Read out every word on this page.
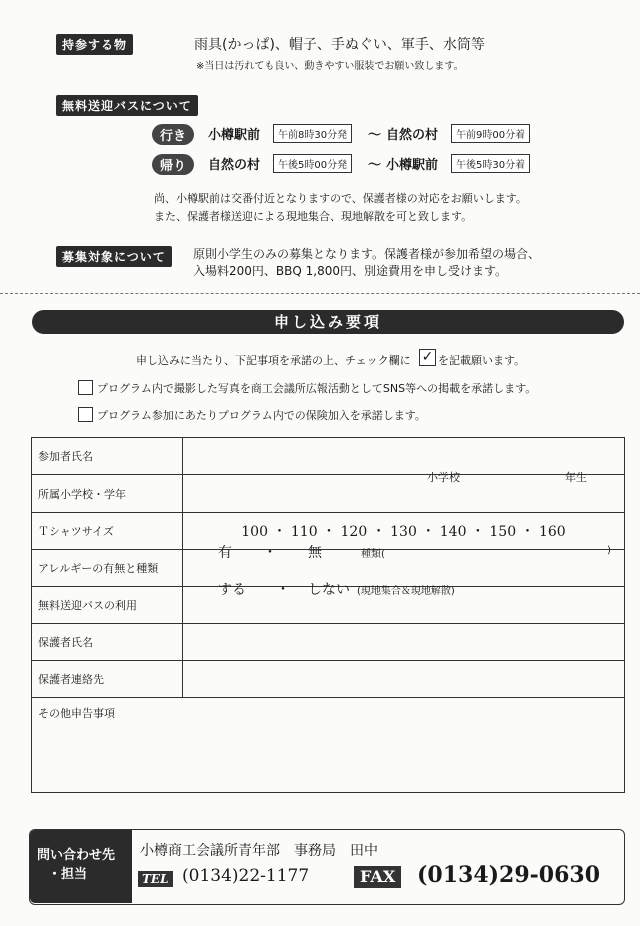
持参する物	雨具(かっぱ)、帽子、手ぬぐい、軍手、水筒等
※当日は汚れても良い、動きやすい服装でお願い致します。
無料送迎バスについて
行き	小樽駅前	午前8時30分発	〜 自然の村	午前9時00分着
帰り	自然の村	午後5時00分発	〜 小樽駅前	午後5時30分着
尚、小樽駅前は交番付近となりますので、保護者様の対応をお願いします。
また、保護者様送迎による現地集合、現地解散を可と致します。
募集対象について	原則小学生のみの募集となります。保護者様が参加希望の場合、
入場料200円、BBQ 1,800円、別途費用を申し受けます。
申し込み要項
申し込みに当たり、下記事項を承諾の上、チェック欄に ✓ を記載願います。
プログラム内で撮影した写真を商工会議所広報活動としてSNS等への掲載を承諾します。
プログラム参加にあたりプログラム内での保険加入を承諾します。
参加者氏名	
所属小学校・学年	小学校 年生

Ｔシャツサイズ	100 ・ 110 ・ 120 ・ 130 ・ 140 ・ 150 ・ 160
アレルギーの有無と種類	有 ・ 無 種類( )

無料送迎バスの利用	する ・ しない (現地集合＆現地解散)

保護者氏名	
保護者連絡先	
その他申告事項	
問い合わせ先
・担当
小樽商工会議所青年部　事務局　田中
TEL (0134)22-1177	FAX (0134)29-0630
